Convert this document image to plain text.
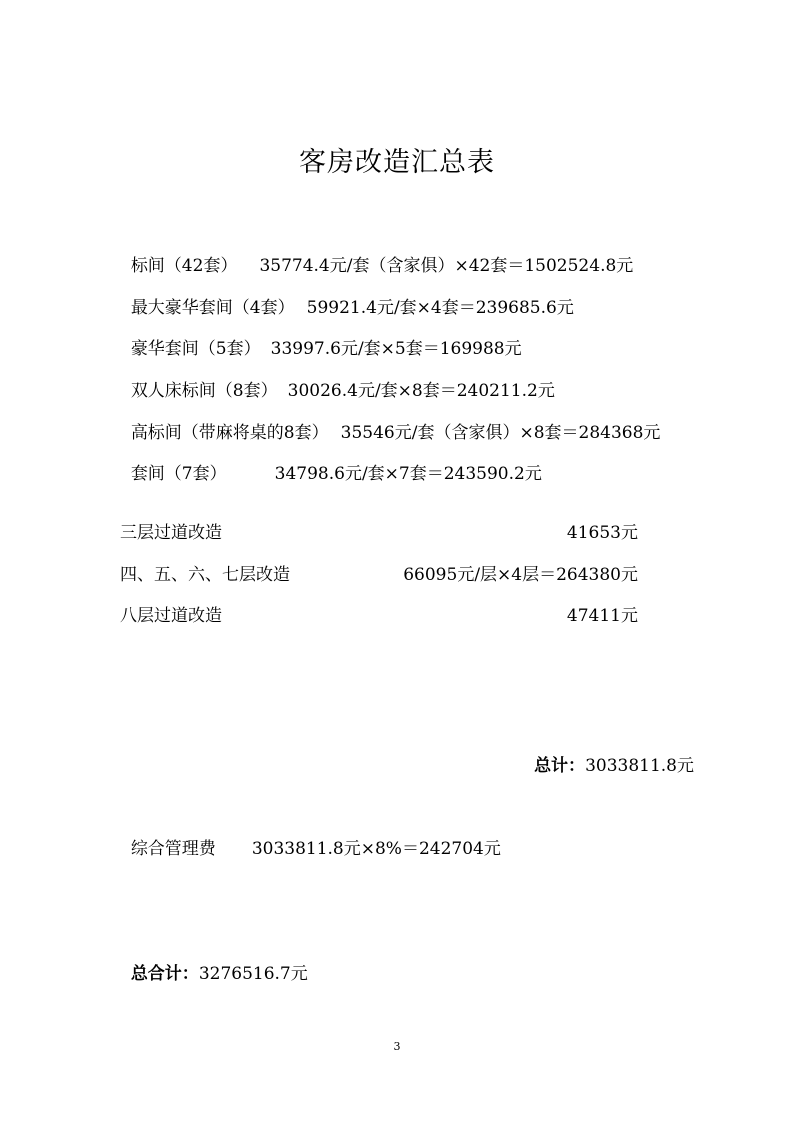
客房改造汇总表

标间（42套） 35774.4元/套（含家俱）×42套＝1502524.8元

最大豪华套间（4套） 59921.4元/套×4套＝239685.6元

豪华套间（5套） 33997.6元/套×5套＝169988元

双人床标间（8套） 30026.4元/套×8套＝240211.2元

高标间（带麻将桌的8套） 35546元/套（含家俱）×8套＝284368元

套间（7套）	34798.6元/套×7套＝243590.2元

三层过道改造	41653元
四、五、六、七层改造	66095元/层×4层＝264380元
八层过道改造	47411元

总计：3033811.8元

综合管理费 3033811.8元×8%＝242704元

总合计：3276516.7元

3
